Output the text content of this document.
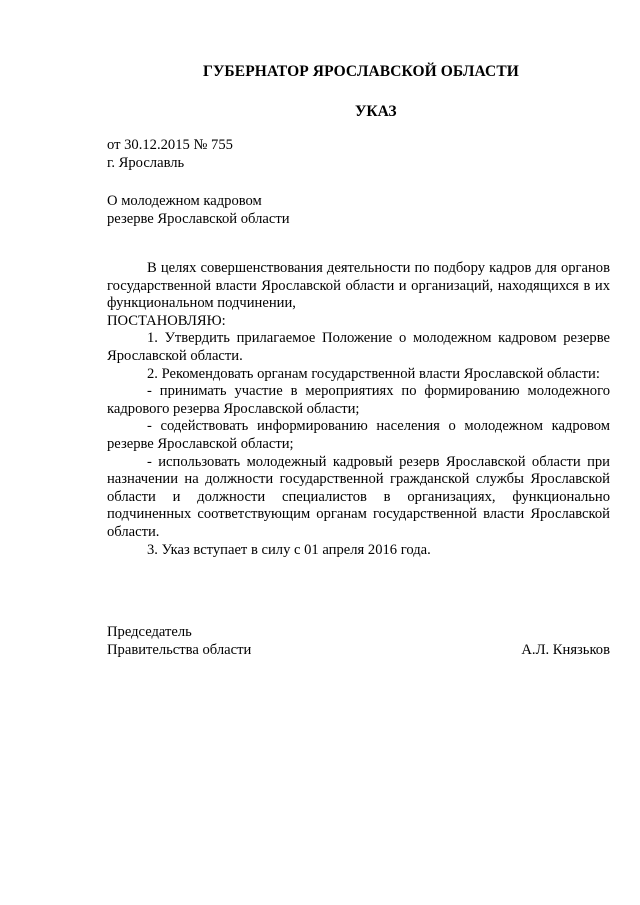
ГУБЕРНАТОР ЯРОСЛАВСКОЙ ОБЛАСТИ
УКАЗ
от 30.12.2015 № 755
г. Ярославль
О молодежном кадровом
резерве Ярославской области

В целях совершенствования деятельности по подбору кадров для органов государственной власти Ярославской области и организаций, находящихся в их функциональном подчинении,

ПОСТАНОВЛЯЮ:

1. Утвердить прилагаемое Положение о молодежном кадровом резерве Ярославской области.

2. Рекомендовать органам государственной власти Ярославской области:

- принимать участие в мероприятиях по формированию молодежного кадрового резерва Ярославской области;

- содействовать информированию населения о молодежном кадровом резерве Ярославской области;

- использовать молодежный кадровый резерв Ярославской области при назначении на должности государственной гражданской службы Ярославской области и должности специалистов в организациях, функционально подчиненных соответствующим органам государственной власти Ярославской области.

3. Указ вступает в силу с 01 апреля 2016 года.

Председатель
Правительства области	А.Л. Князьков
